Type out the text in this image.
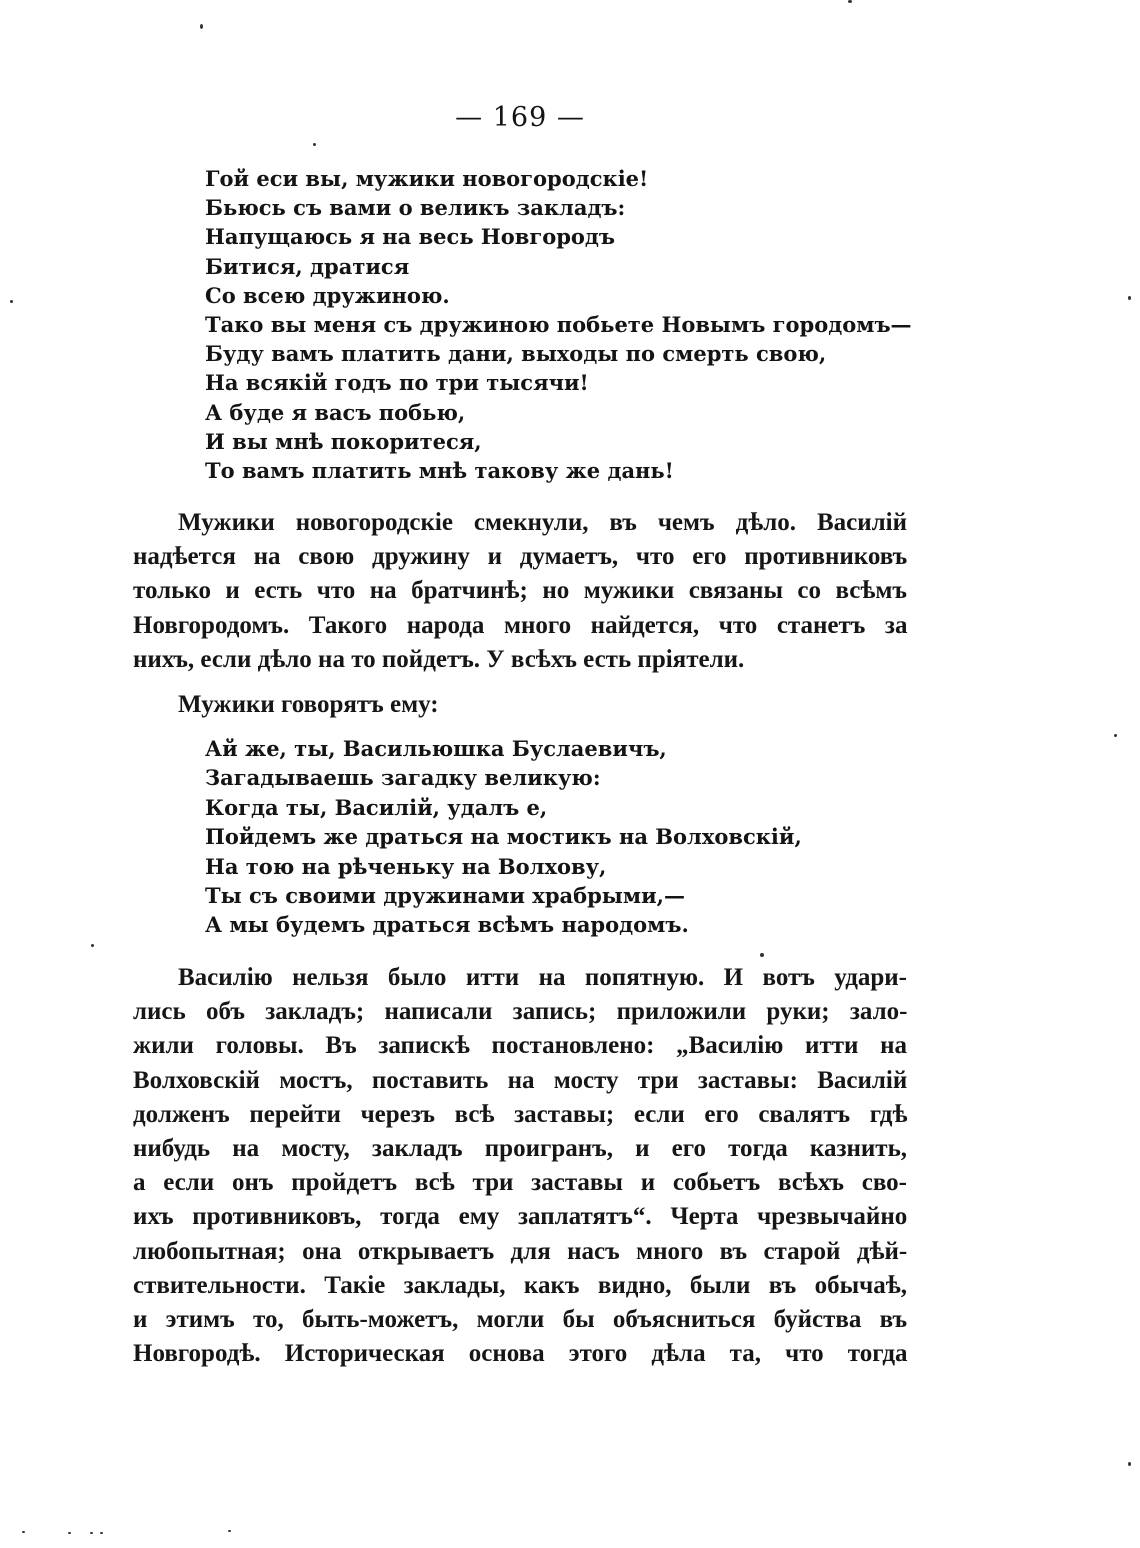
— 169 —
Гой еси вы, мужики новогородскіе!
Бьюсь съ вами о великъ закладъ:
Напущаюсь я на весь Новгородъ
Битися, дратися
Со всею дружиною.
Тако вы меня съ дружиною побьете Новымъ городомъ—
Буду вамъ платить дани, выходы по смерть свою,
На всякій годъ по три тысячи!
А буде я васъ побью,
И вы мнѣ покоритеся,
То вамъ платить мнѣ такову же дань!
Мужики новогородскіе смекнули, въ чемъ дѣло. Василій
надѣется на свою дружину и думаетъ, что его противниковъ
только и есть что на братчинѣ; но мужики связаны со всѣмъ
Новгородомъ. Такого народа много найдется, что станетъ за
нихъ, если дѣло на то пойдетъ. У всѣхъ есть пріятели.
Мужики говорятъ ему:
Ай же, ты, Васильюшка Буслаевичъ,
Загадываешь загадку великую:
Когда ты, Василій, удалъ е,
Пойдемъ же драться на мостикъ на Волховскій,
На тою на рѣченьку на Волхову,
Ты съ своими дружинами храбрыми,—
А мы будемъ драться всѣмъ народомъ.
Василію нельзя было итти на попятную. И вотъ удари-
лись объ закладъ; написали запись; приложили руки; зало-
жили головы. Въ запискѣ постановлено: „Василію итти на
Волховскій мостъ, поставить на мосту три заставы: Василій
долженъ перейти черезъ всѣ заставы; если его свалятъ гдѣ
нибудь на мосту, закладъ проигранъ, и его тогда казнить,
а если онъ пройдетъ всѣ три заставы и собьетъ всѣхъ сво-
ихъ противниковъ, тогда ему заплатятъ“. Черта чрезвычайно
любопытная; она открываетъ для насъ много въ старой дѣй-
ствительности. Такіе заклады, какъ видно, были въ обычаѣ,
и этимъ то, быть-можетъ, могли бы объясниться буйства въ
Новгородѣ. Историческая основа этого дѣла та, что тогда
